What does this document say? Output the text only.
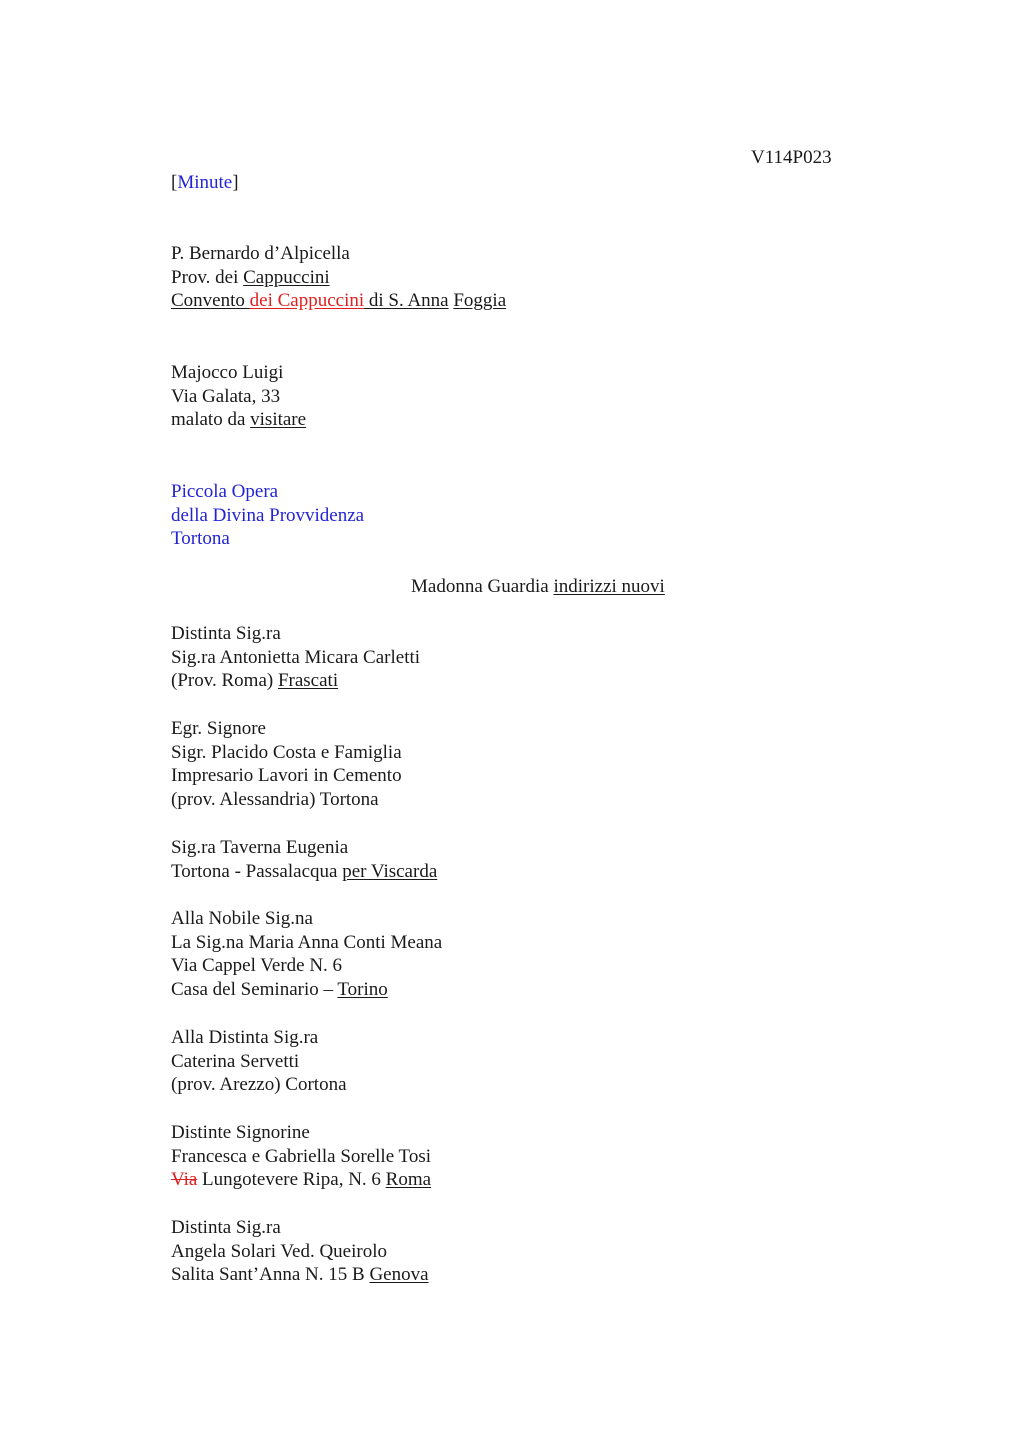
V114P023
[Minute]
P. Bernardo d’Alpicella
Prov. dei Cappuccini
Convento dei Cappuccini di S. Anna Foggia
Majocco Luigi
Via Galata, 33
malato da visitare
Piccola Opera
della Divina Provvidenza
Tortona
Madonna Guardia indirizzi nuovi
Distinta Sig.ra
Sig.ra Antonietta Micara Carletti
(Prov. Roma) Frascati
Egr. Signore
Sigr. Placido Costa e Famiglia
Impresario Lavori in Cemento
(prov. Alessandria) Tortona
Sig.ra Taverna Eugenia
Tortona - Passalacqua per Viscarda
Alla Nobile Sig.na
La Sig.na Maria Anna Conti Meana
Via Cappel Verde N. 6
Casa del Seminario – Torino
Alla Distinta Sig.ra
Caterina Servetti
(prov. Arezzo) Cortona
Distinte Signorine
Francesca e Gabriella Sorelle Tosi
Via Lungotevere Ripa, N. 6 Roma
Distinta Sig.ra
Angela Solari Ved. Queirolo
Salita Sant’Anna N. 15 B Genova
